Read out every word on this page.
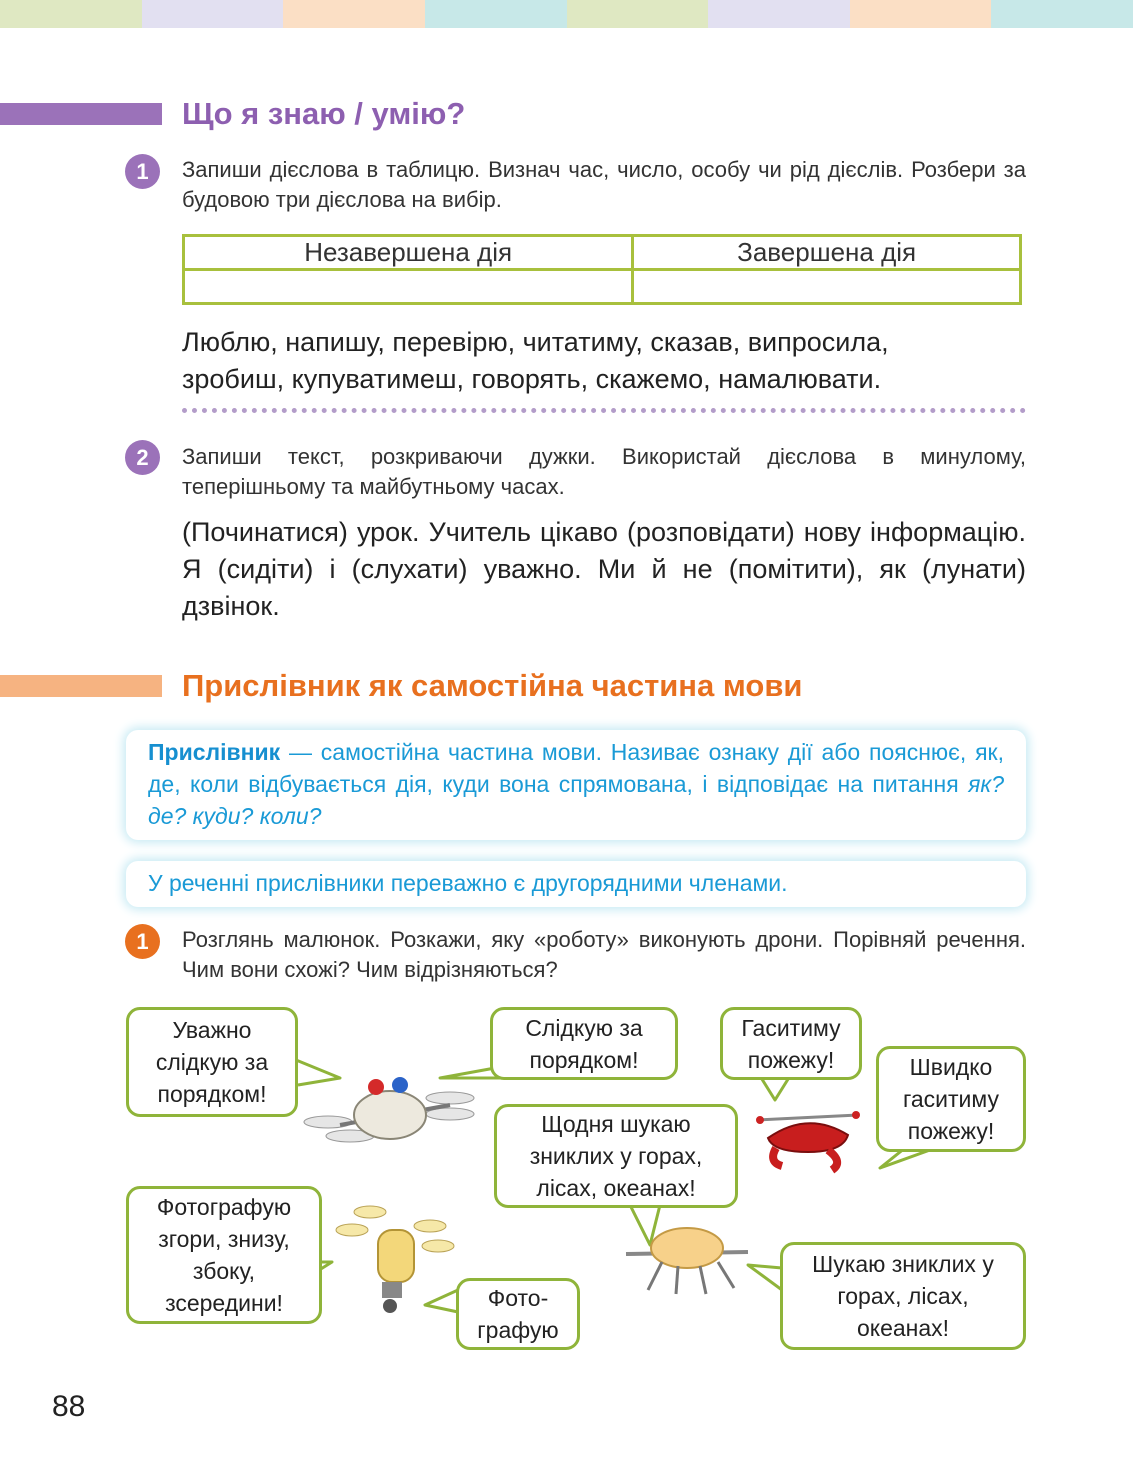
Що я знаю / умію?
1	Запиши дієслова в таблицю. Визнач час, число, особу чи рід дієслів. Розбери за будовою три дієслова на вибір.
Незавершена дія	Завершена дія

Люблю, напишу, перевірю, читатиму, сказав, випросила,
зробиш, купуватимеш, говорять, скажемо, намалювати.
2	Запиши текст, розкриваючи дужки. Використай дієслова в минулому, теперішньому та майбутньому часах.
(Починатися) урок. Учитель цікаво (розповідати) нову інформацію. Я (сидіти) і (слухати) уважно. Ми й не (помітити), як (лунати) дзвінок.
Прислівник як самостійна частина мови
Прислівник — самостійна частина мови. Називає ознаку дії або пояснює, як, де, коли відбувається дія, куди вона спрямована, і відповідає на питання як? де? куди? коли?
У реченні прислівники переважно є другорядними членами.
1	Розглянь малюнок. Розкажи, яку «роботу» виконують дрони. Порівняй речення. Чим вони схожі? Чим відрізняються?
Уважно слідкую за порядком!
Слідкую за порядком!
Гаситиму пожежу!	Швидко гаситиму пожежу!
Щодня шукаю зниклих у горах, лісах, океанах!
Фотографую згори, знизу, збоку, зсередини!	Фото-графую
Шукаю зниклих у горах, лісах, океанах!
88
